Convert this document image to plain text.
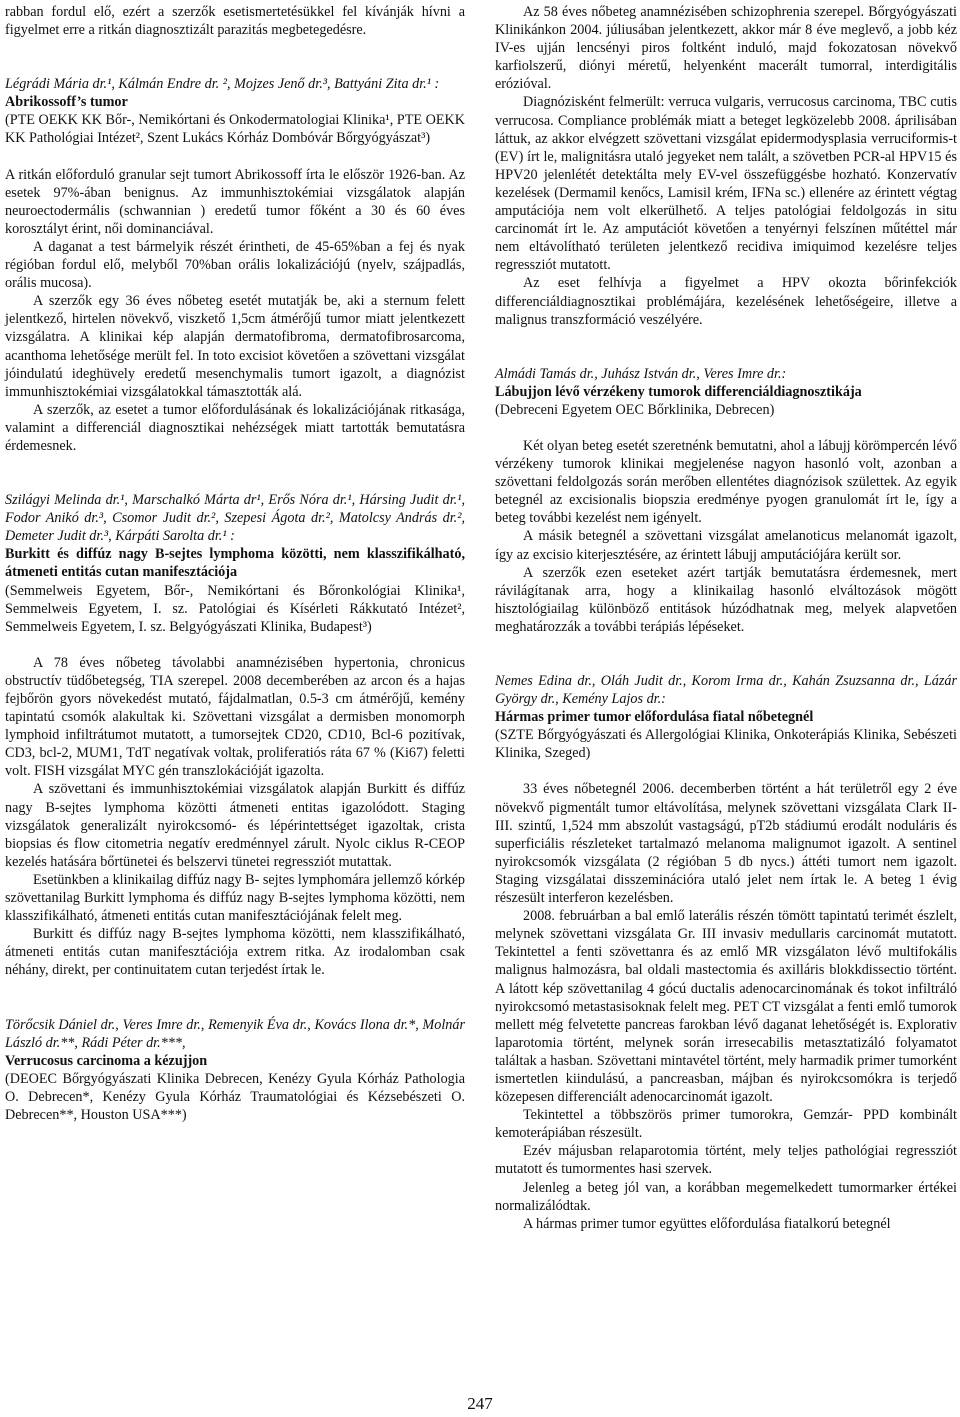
rabban fordul elő, ezért a szerzők esetismertetésükkel fel kívánják hívni a figyelmet erre a ritkán diagnosztizált parazitás megbetegedésre.

Légrádi Mária dr.¹, Kálmán Endre dr. ², Mojzes Jenő dr.³, Battyáni Zita dr.¹ :

Abrikossoff’s tumor

(PTE OEKK KK Bőr-, Nemikórtani és Onkodermatologiai Klinika¹, PTE OEKK KK Pathológiai Intézet², Szent Lukács Kórház Dombóvár Bőrgyógyászat³)

A ritkán előforduló granular sejt tumort Abrikossoff írta le először 1926-ban. Az esetek 97%-ában benignus. Az immunhisztokémiai vizsgálatok alapján neuroectodermális (schwannian ) eredetű tumor főként a 30 és 60 éves korosztályt érint, női dominanciával.

A daganat a test bármelyik részét érintheti, de 45-65%ban a fej és nyak régióban fordul elő, melyből 70%ban orális lokalizációjú (nyelv, szájpadlás, orális mucosa).

A szerzők egy 36 éves nőbeteg esetét mutatják be, aki a sternum felett jelentkező, hirtelen növekvő, viszkető 1,5cm átmérőjű tumor miatt jelentkezett vizsgálatra. A klinikai kép alapján dermatofibroma, dermatofibrosarcoma, acanthoma lehetősége merült fel. In toto excisiot követően a szövettani vizsgálat jóindulatú ideghüvely eredetű mesenchymalis tumort igazolt, a diagnózist immunhisztokémiai vizsgálatokkal támasztották alá.

A szerzők, az esetet a tumor előfordulásának és lokalizációjának ritkasága, valamint a differenciál diagnosztikai nehézségek miatt tartották bemutatásra érdemesnek.

Szilágyi Melinda dr.¹, Marschalkó Márta dr¹, Erős Nóra dr.¹, Hársing Judit dr.¹, Fodor Anikó dr.³, Csomor Judit dr.², Szepesi Ágota dr.², Matolcsy András dr.², Demeter Judit dr.³, Kárpáti Sarolta dr.¹ :

Burkitt és diffúz nagy B-sejtes lymphoma közötti, nem klasszifikálható, átmeneti entitás cutan manifesztációja

(Semmelweis Egyetem, Bőr-, Nemikórtani és Bőronkológiai Klinika¹, Semmelweis Egyetem, I. sz. Patológiai és Kísérleti Rákkutató Intézet², Semmelweis Egyetem, I. sz. Belgyógyászati Klinika, Budapest³)

A 78 éves nőbeteg távolabbi anamnézisében hypertonia, chronicus obstructív tüdőbetegség, TIA szerepel. 2008 decemberében az arcon és a hajas fejbőrön gyors növekedést mutató, fájdalmatlan, 0.5-3 cm átmérőjű, kemény tapintatú csomók alakultak ki. Szövettani vizsgálat a dermisben monomorph lymphoid infiltrátumot mutatott, a tumorsejtek CD20, CD10, Bcl-6 pozitívak, CD3, bcl-2, MUM1, TdT negatívak voltak, proliferatiós ráta 67 % (Ki67) feletti volt. FISH vizsgálat MYC gén transzlokációját igazolta.

A szövettani és immunhisztokémiai vizsgálatok alapján Burkitt és diffúz nagy B-sejtes lymphoma közötti átmeneti entitas igazolódott. Staging vizsgálatok generalizált nyirokcsomó- és lépérintettséget igazoltak, crista biopsias és flow citometria negatív eredménnyel zárult. Nyolc ciklus R-CEOP kezelés hatására bőrtünetei és belszervi tünetei regressziót mutattak.

Esetünkben a klinikailag diffúz nagy B- sejtes lymphomára jellemző kórkép szövettanilag Burkitt lymphoma és diffúz nagy B-sejtes lymphoma közötti, nem klasszifikálható, átmeneti entitás cutan manifesztációjának felelt meg.

Burkitt és diffúz nagy B-sejtes lymphoma közötti, nem klasszifikálható, átmeneti entitás cutan manifesztációja extrem ritka. Az irodalomban csak néhány, direkt, per continuitatem cutan terjedést írtak le.

Törőcsik Dániel dr., Veres Imre dr., Remenyik Éva dr., Kovács Ilona dr.*, Molnár László dr.**, Rádi Péter dr.***,

Verrucosus carcinoma a kézujjon

(DEOEC Bőrgyógyászati Klinika Debrecen, Kenézy Gyula Kórház Pathologia O. Debrecen*, Kenézy Gyula Kórház Traumatológiai és Kézsebészeti O. Debrecen**, Houston USA***)

Az 58 éves nőbeteg anamnézisében schizophrenia szerepel. Bőrgyógyászati Klinikánkon 2004. júliusában jelentkezett, akkor már 8 éve meglevő, a jobb kéz IV-es ujján lencsényi piros foltként induló, majd fokozatosan növekvő karfiolszerű, diónyi méretű, helyenként macerált tumorral, interdigitális erózióval.

Diagnózisként felmerült: verruca vulgaris, verrucosus carcinoma, TBC cutis verrucosa. Compliance problémák miatt a beteget legközelebb 2008. áprilisában láttuk, az akkor elvégzett szövettani vizsgálat epidermodysplasia verruciformis-t (EV) írt le, malignitásra utaló jegyeket nem talált, a szövetben PCR-al HPV15 és HPV20 jelenlétét detektálta mely EV-vel összefüggésbe hozható. Konzervatív kezelések (Dermamil kenőcs, Lamisil krém, IFNa sc.) ellenére az érintett végtag amputációja nem volt elkerülhető. A teljes patológiai feldolgozás in situ carcinomát írt le. Az amputációt követően a tenyérnyi felszínen műtéttel már nem eltávolítható területen jelentkező recidiva imiquimod kezelésre teljes regressziót mutatott.

Az eset felhívja a figyelmet a HPV okozta bőrinfekciók differenciáldiagnosztikai problémájára, kezelésének lehetőségeire, illetve a malignus transzformáció veszélyére.

Almádi Tamás dr., Juhász István dr., Veres Imre dr.:

Lábujjon lévő vérzékeny tumorok differenciáldiagnosztikája

(Debreceni Egyetem OEC Bőrklinika, Debrecen)

Két olyan beteg esetét szeretnénk bemutatni, ahol a lábujj körömpercén lévő vérzékeny tumorok klinikai megjelenése nagyon hasonló volt, azonban a szövettani feldolgozás során merőben ellentétes diagnózisok születtek. Az egyik betegnél az excisionalis biopszia eredménye pyogen granulomát írt le, így a beteg további kezelést nem igényelt.

A másik betegnél a szövettani vizsgálat amelanoticus melanomát igazolt, így az excisio kiterjesztésére, az érintett lábujj amputációjára került sor.

A szerzők ezen eseteket azért tartják bemutatásra érdemesnek, mert rávilágítanak arra, hogy a klinikailag hasonló elváltozások mögött hisztológiailag különböző entitások húzódhatnak meg, melyek alapvetően meghatározzák a további terápiás lépéseket.

Nemes Edina dr., Oláh Judit dr., Korom Irma dr., Kahán Zsuzsanna dr., Lázár György dr., Kemény Lajos dr.:

Hármas primer tumor előfordulása fiatal nőbetegnél

(SZTE Bőrgyógyászati és Allergológiai Klinika, Onkoterápiás Klinika, Sebészeti Klinika, Szeged)

33 éves nőbetegnél 2006. decemberben történt a hát területről egy 2 éve növekvő pigmentált tumor eltávolítása, melynek szövettani vizsgálata Clark II-III. szintű, 1,524 mm abszolút vastagságú, pT2b stádiumú erodált noduláris és superficiális részleteket tartalmazó melanoma malignumot igazolt. A sentinel nyirokcsomók vizsgálata (2 régióban 5 db nycs.) áttéti tumort nem igazolt. Staging vizsgálatai disszeminációra utaló jelet nem írtak le. A beteg 1 évig részesült interferon kezelésben.

2008. februárban a bal emlő laterális részén tömött tapintatú terimét észlelt, melynek szövettani vizsgálata Gr. III invasiv medullaris carcinomát mutatott. Tekintettel a fenti szövettanra és az emlő MR vizsgálaton lévő multifokális malignus halmozásra, bal oldali mastectomia és axilláris blokkdissectio történt. A látott kép szövettanilag 4 gócú ductalis adenocarcinomának és tokot infiltráló nyirokcsomó metastasisoknak felelt meg. PET CT vizsgálat a fenti emlő tumorok mellett még felvetette pancreas farokban lévő daganat lehetőségét is. Explorativ laparotomia történt, melynek során irresecabilis metasztatizáló folyamatot találtak a hasban. Szövettani mintavétel történt, mely harmadik primer tumorként ismertetlen kiindulású, a pancreasban, májban és nyirokcsomókra is terjedő közepesen differenciált adenocarcinomát igazolt.

Tekintettel a többszörös primer tumorokra, Gemzár- PPD kombinált kemoterápiában részesült.

Ezév májusban relaparotomia történt, mely teljes pathológiai regressziót mutatott és tumormentes hasi szervek.

Jelenleg a beteg jól van, a korábban megemelkedett tumormarker értékei normalizálódtak.

A hármas primer tumor együttes előfordulása fiatalkorú betegnél

247
